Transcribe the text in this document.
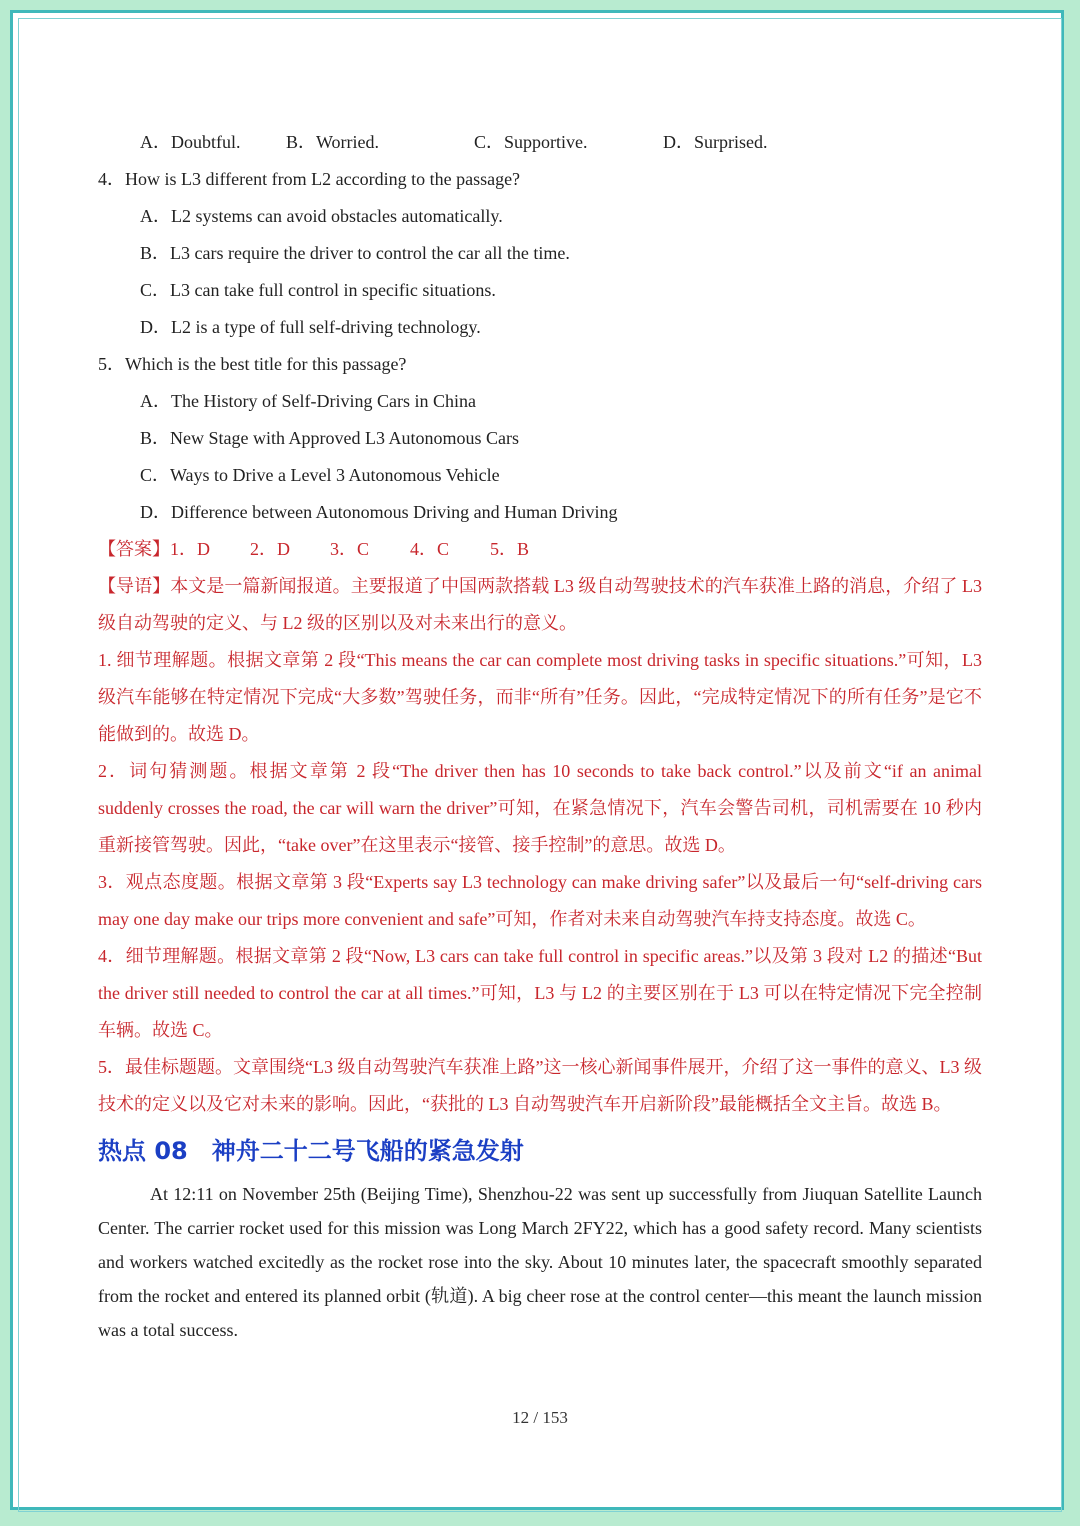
A．Doubtful.	B．Worried.	C．Supportive.	D．Surprised.
4．How is L3 different from L2 according to the passage?
A．L2 systems can avoid obstacles automatically.
B．L3 cars require the driver to control the car all the time.
C．L3 can take full control in specific situations.
D．L2 is a type of full self-driving technology.
5．Which is the best title for this passage?
A．The History of Self-Driving Cars in China
B．New Stage with Approved L3 Autonomous Cars
C．Ways to Drive a Level 3 Autonomous Vehicle
D．Difference between Autonomous Driving and Human Driving
【答案】1．D 2．D 3．C 4．C 5．B
【导语】本文是一篇新闻报道。主要报道了中国两款搭载 L3 级自动驾驶技术的汽车获准上路的消息，介绍了 L3 级自动驾驶的定义、与 L2 级的区别以及对未来出行的意义。
1. 细节理解题。根据文章第 2 段“This means the car can complete most driving tasks in specific situations.”可知，L3 级汽车能够在特定情况下完成“大多数”驾驶任务，而非“所有”任务。因此，“完成特定情况下的所有任务”是它不能做到的。故选 D。
2．词句猜测题。根据文章第 2 段“The driver then has 10 seconds to take back control.”以及前文“if an animal suddenly crosses the road, the car will warn the driver”可知，在紧急情况下，汽车会警告司机，司机需要在 10 秒内重新接管驾驶。因此，“take over”在这里表示“接管、接手控制”的意思。故选 D。
3．观点态度题。根据文章第 3 段“Experts say L3 technology can make driving safer”以及最后一句“self-driving cars may one day make our trips more convenient and safe”可知，作者对未来自动驾驶汽车持支持态度。故选 C。
4．细节理解题。根据文章第 2 段“Now, L3 cars can take full control in specific areas.”以及第 3 段对 L2 的描述“But the driver still needed to control the car at all times.”可知，L3 与 L2 的主要区别在于 L3 可以在特定情况下完全控制车辆。故选 C。
5．最佳标题题。文章围绕“L3 级自动驾驶汽车获准上路”这一核心新闻事件展开，介绍了这一事件的意义、L3 级技术的定义以及它对未来的影响。因此，“获批的 L3 自动驾驶汽车开启新阶段”最能概括全文主旨。故选 B。
热点 08 神舟二十二号飞船的紧急发射
At 12:11 on November 25th (Beijing Time), Shenzhou-22 was sent up successfully from Jiuquan Satellite Launch Center. The carrier rocket used for this mission was Long March 2FY22, which has a good safety record. Many scientists and workers watched excitedly as the rocket rose into the sky. About 10 minutes later, the spacecraft smoothly separated from the rocket and entered its planned orbit (轨道). A big cheer rose at the control center—this meant the launch mission was a total success.
12 / 153
